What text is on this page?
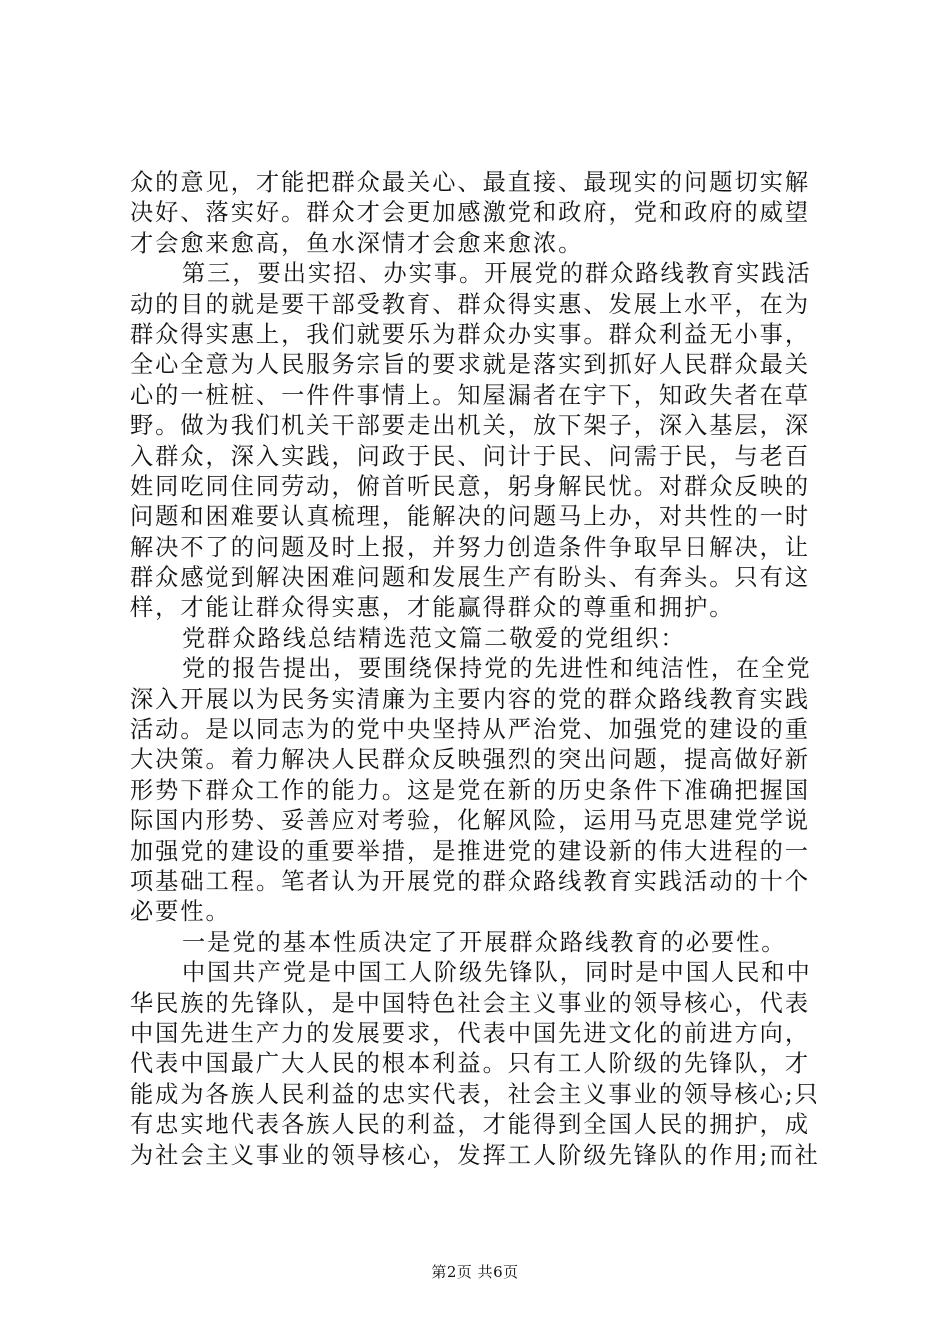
众的意见，才能把群众最关心、最直接、最现实的问题切实解
决好、落实好。群众才会更加感激党和政府，党和政府的威望
才会愈来愈高，鱼水深情才会愈来愈浓。
第三，要出实招、办实事。开展党的群众路线教育实践活
动的目的就是要干部受教育、群众得实惠、发展上水平，在为
群众得实惠上，我们就要乐为群众办实事。群众利益无小事，
全心全意为人民服务宗旨的要求就是落实到抓好人民群众最关
心的一桩桩、一件件事情上。知屋漏者在宇下，知政失者在草
野。做为我们机关干部要走出机关，放下架子，深入基层，深
入群众，深入实践，问政于民、问计于民、问需于民，与老百
姓同吃同住同劳动，俯首听民意，躬身解民忧。对群众反映的
问题和困难要认真梳理，能解决的问题马上办，对共性的一时
解决不了的问题及时上报，并努力创造条件争取早日解决，让
群众感觉到解决困难问题和发展生产有盼头、有奔头。只有这
样，才能让群众得实惠，才能赢得群众的尊重和拥护。
党群众路线总结精选范文篇二敬爱的党组织：
党的报告提出，要围绕保持党的先进性和纯洁性，在全党
深入开展以为民务实清廉为主要内容的党的群众路线教育实践
活动。是以同志为的党中央坚持从严治党、加强党的建设的重
大决策。着力解决人民群众反映强烈的突出问题，提高做好新
形势下群众工作的能力。这是党在新的历史条件下准确把握国
际国内形势、妥善应对考验，化解风险，运用马克思建党学说
加强党的建设的重要举措，是推进党的建设新的伟大进程的一
项基础工程。笔者认为开展党的群众路线教育实践活动的十个
必要性。
一是党的基本性质决定了开展群众路线教育的必要性。
中国共产党是中国工人阶级先锋队，同时是中国人民和中
华民族的先锋队，是中国特色社会主义事业的领导核心，代表
中国先进生产力的发展要求，代表中国先进文化的前进方向，
代表中国最广大人民的根本利益。只有工人阶级的先锋队，才
能成为各族人民利益的忠实代表，社会主义事业的领导核心;只
有忠实地代表各族人民的利益，才能得到全国人民的拥护，成
为社会主义事业的领导核心，发挥工人阶级先锋队的作用;而社
第2页 共6页
